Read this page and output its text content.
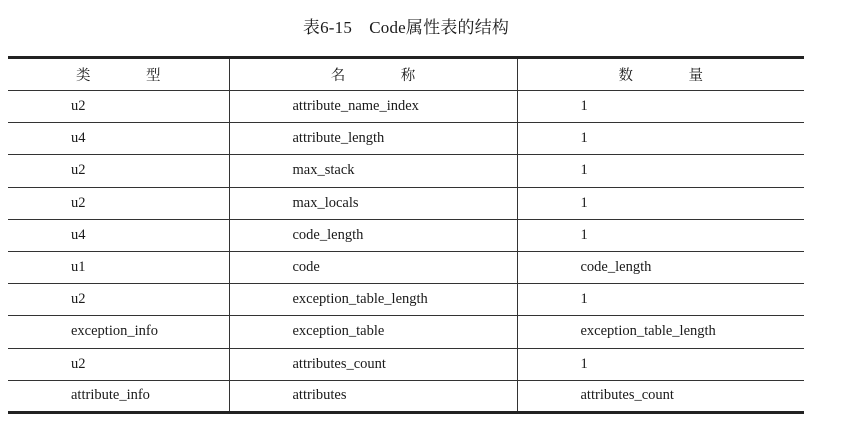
表6-15　Code属性表的结构
类 型	名 称	数 量
u2	attribute_name_index	1
u4	attribute_length	1
u2	max_stack	1
u2	max_locals	1
u4	code_length	1
u1	code	code_length
u2	exception_table_length	1
exception_info	exception_table	exception_table_length
u2	attributes_count	1
attribute_info	attributes	attributes_count
